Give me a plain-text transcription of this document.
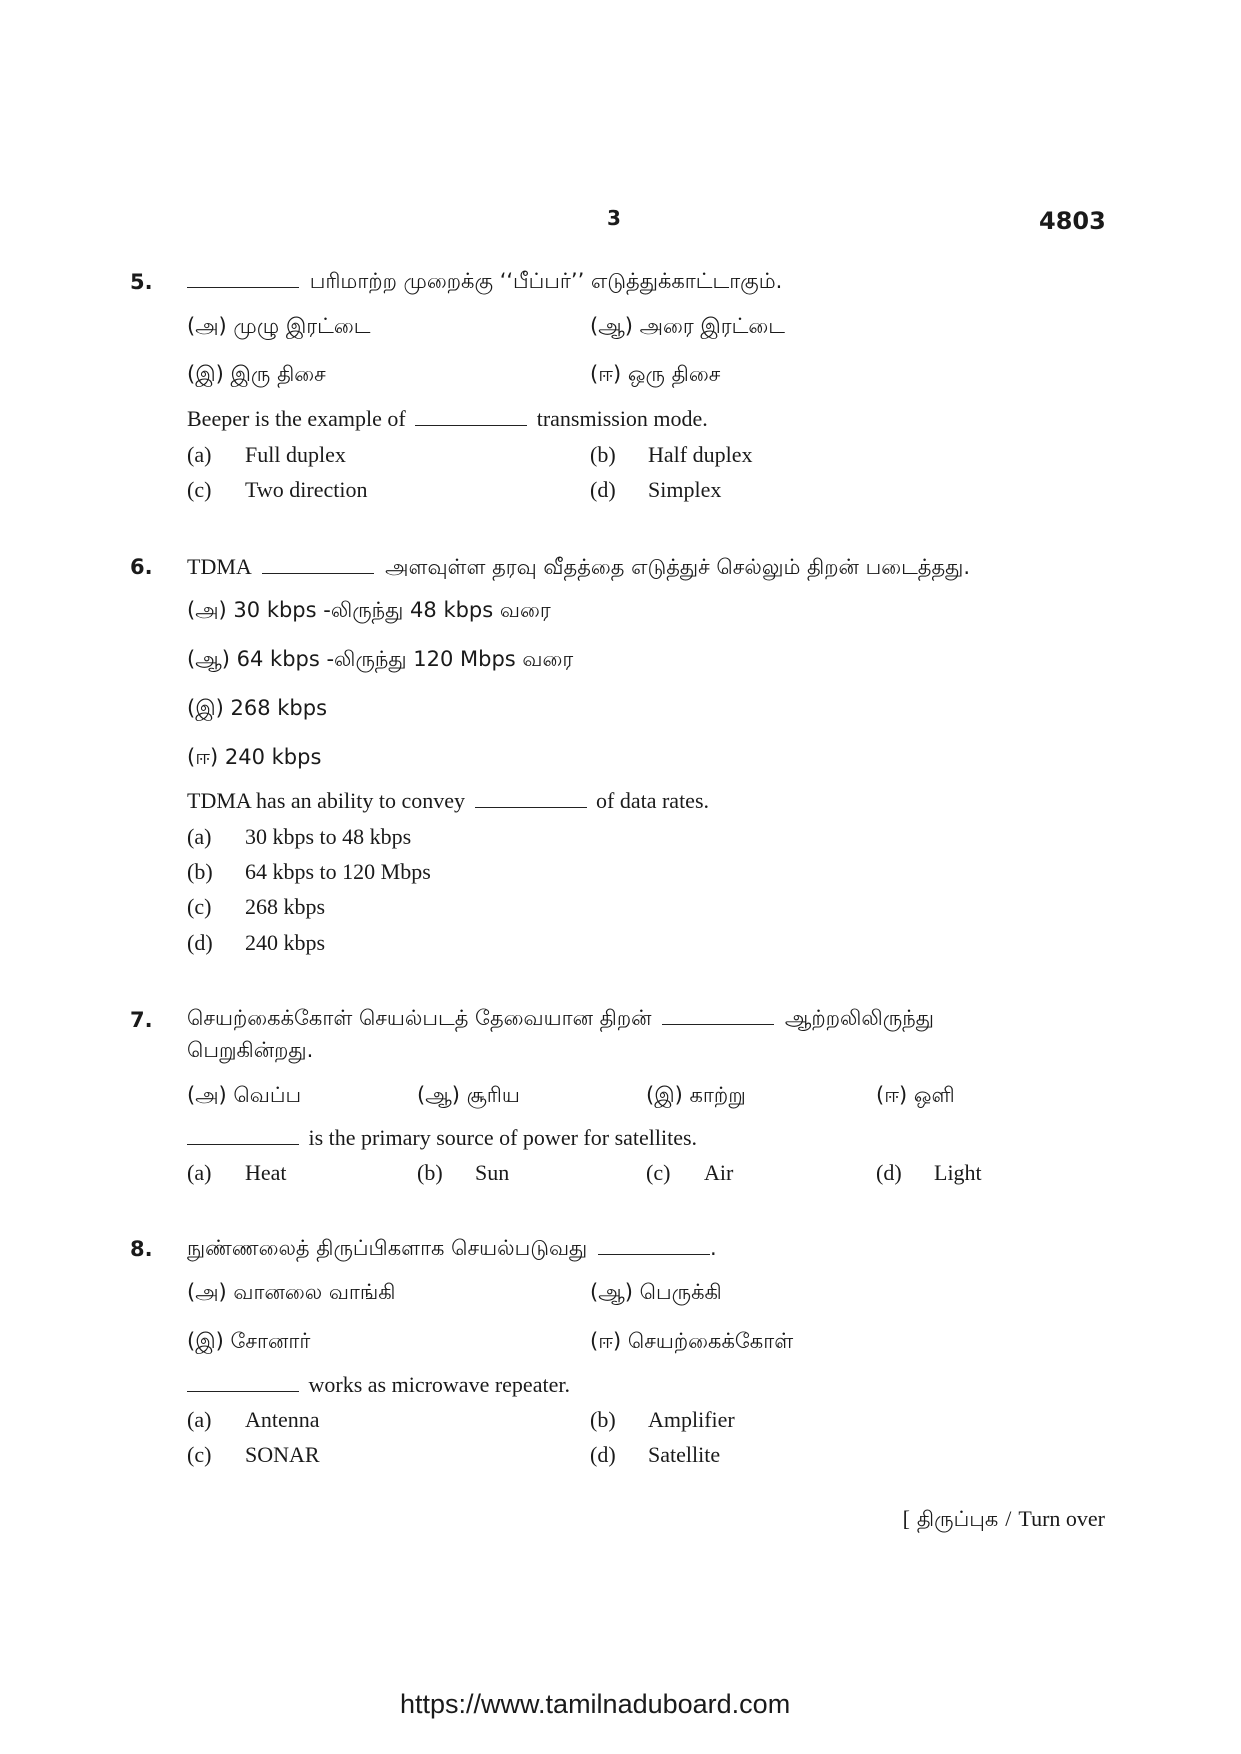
3	4803
5.	பரிமாற்ற முறைக்கு ‘‘பீப்பர்’’ எடுத்துக்காட்டாகும்.
(அ) முழு இரட்டை	(ஆ) அரை இரட்டை
(இ) இரு திசை	(ஈ) ஒரு திசை
Beeper is the example of	transmission mode.
(a) Full duplex	(b) Half duplex
(c) Two direction	(d) Simplex
6. TDMA	அளவுள்ள தரவு வீதத்தை எடுத்துச் செல்லும் திறன் படைத்தது.
(அ) 30 kbps -லிருந்து 48 kbps வரை
(ஆ) 64 kbps -லிருந்து 120 Mbps வரை
(இ) 268 kbps
(ஈ) 240 kbps
TDMA has an ability to convey	of data rates.
(a) 30 kbps to 48 kbps
(b) 64 kbps to 120 Mbps
(c) 268 kbps
(d) 240 kbps
7. செயற்கைக்கோள் செயல்படத் தேவையான திறன்	ஆற்றலிலிருந்து
பெறுகின்றது.
(அ) வெப்ப	(ஆ) சூரிய	(இ) காற்று	(ஈ) ஒளி
is the primary source of power for satellites.
(a) Heat	(b) Sun	(c) Air	(d) Light
8. நுண்ணலைத் திருப்பிகளாக செயல்படுவது	.
(அ) வானலை வாங்கி	(ஆ) பெருக்கி
(இ) சோனார்	(ஈ) செயற்கைக்கோள்
works as microwave repeater.
(a) Antenna	(b) Amplifier
(c) SONAR	(d) Satellite
[ திருப்புக / Turn over
https://www.tamilnaduboard.com
